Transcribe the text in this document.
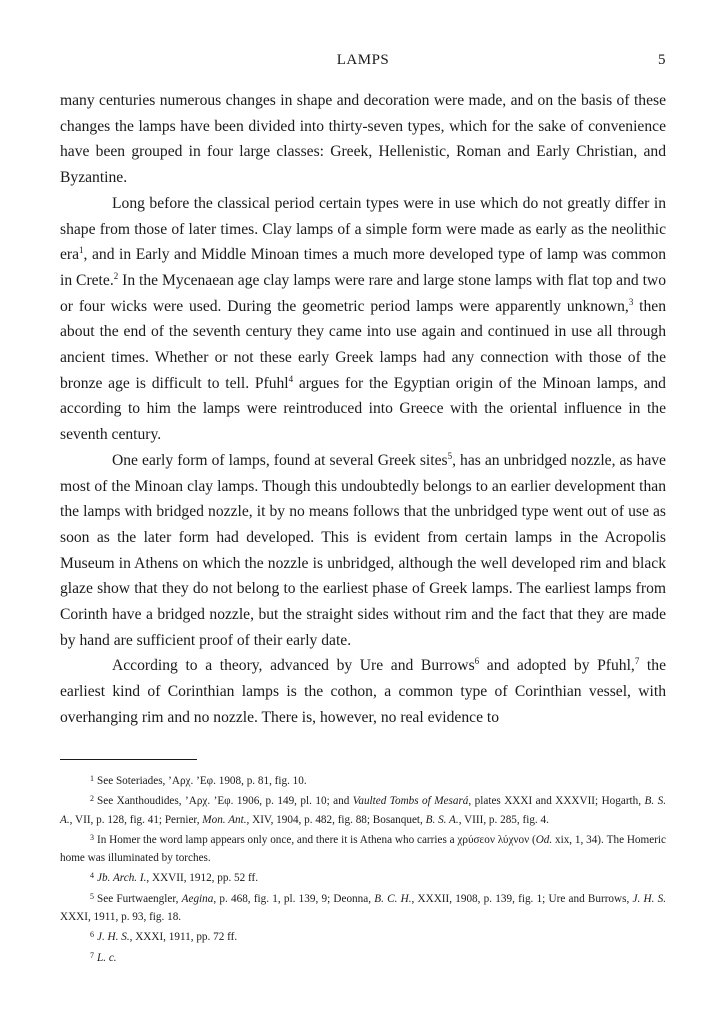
LAMPS	5

many centuries numerous changes in shape and decoration were made, and on the basis of these changes the lamps have been divided into thirty-seven types, which for the sake of convenience have been grouped in four large classes: Greek, Hellenistic, Roman and Early Christian, and Byzantine.

Long before the classical period certain types were in use which do not greatly differ in shape from those of later times. Clay lamps of a simple form were made as early as the neolithic era$^1$, and in Early and Middle Minoan times a much more developed type of lamp was common in Crete.$^2$ In the Mycenaean age clay lamps were rare and large stone lamps with flat top and two or four wicks were used. During the geometric period lamps were apparently unknown,$^3$ then about the end of the seventh century they came into use again and continued in use all through ancient times. Whether or not these early Greek lamps had any connection with those of the bronze age is difficult to tell. Pfuhl$^4$ argues for the Egyptian origin of the Minoan lamps, and according to him the lamps were reintroduced into Greece with the oriental influence in the seventh century.

One early form of lamps, found at several Greek sites$^5$, has an unbridged nozzle, as have most of the Minoan clay lamps. Though this undoubtedly belongs to an earlier development than the lamps with bridged nozzle, it by no means follows that the unbridged type went out of use as soon as the later form had developed. This is evident from certain lamps in the Acropolis Museum in Athens on which the nozzle is unbridged, although the well developed rim and black glaze show that they do not belong to the earliest phase of Greek lamps. The earliest lamps from Corinth have a bridged nozzle, but the straight sides without rim and the fact that they are made by hand are sufficient proof of their early date.

According to a theory, advanced by Ure and Burrows$^6$ and adopted by Pfuhl,$^7$ the earliest kind of Corinthian lamps is the cothon, a common type of Corinthian vessel, with overhanging rim and no nozzle. There is, however, no real evidence to

$^1$ See Soteriades, ’Αρχ. ’Εφ. 1908, p. 81, fig. 10.

$^2$ See Xanthoudides, ’Αρχ. ’Εφ. 1906, p. 149, pl. 10; and Vaulted Tombs of Mesará, plates XXXI and XXXVII; Hogarth, B. S. A., VII, p. 128, fig. 41; Pernier, Mon. Ant., XIV, 1904, p. 482, fig. 88; Bosanquet, B. S. A., VIII, p. 285, fig. 4.

$^3$ In Homer the word lamp appears only once, and there it is Athena who carries a χρύσεον λύχνον (Od. xix, 1, 34). The Homeric home was illuminated by torches.

$^4$ Jb. Arch. I., XXVII, 1912, pp. 52 ff.

$^5$ See Furtwaengler, Aegina, p. 468, fig. 1, pl. 139, 9; Deonna, B. C. H., XXXII, 1908, p. 139, fig. 1; Ure and Burrows, J. H. S. XXXI, 1911, p. 93, fig. 18.

$^6$ J. H. S., XXXI, 1911, pp. 72 ff.

$^7$ L. c.
